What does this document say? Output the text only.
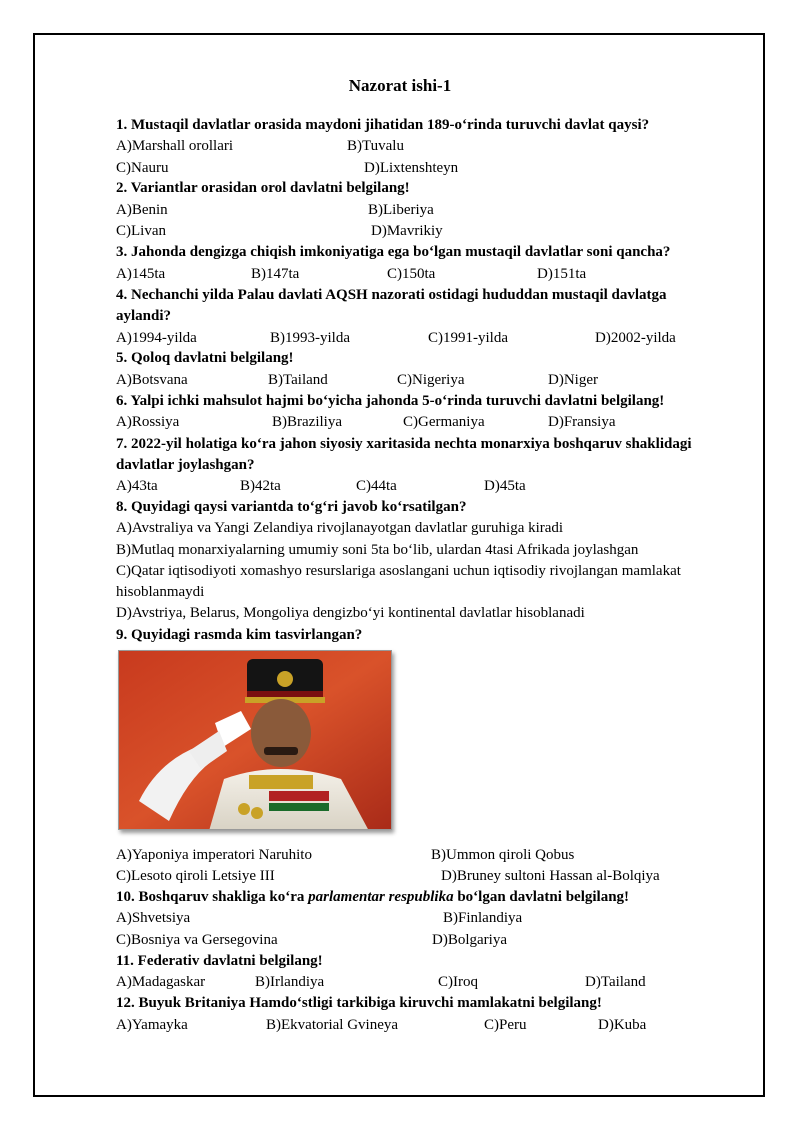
Nazorat ishi-1
1. Mustaqil davlatlar orasida maydoni jihatidan 189-o‘rinda turuvchi davlat qaysi?
A)Marshall orollari	B)Tuvalu
C)Nauru	D)Lixtenshteyn
2. Variantlar orasidan orol davlatni belgilang!
A)Benin	B)Liberiya
C)Livan	D)Mavrikiy
3. Jahonda dengizga chiqish imkoniyatiga ega bo‘lgan mustaqil davlatlar soni qancha?
A)145ta	B)147ta	C)150ta	D)151ta
4. Nechanchi yilda Palau davlati AQSH nazorati ostidagi hududdan mustaqil davlatga
aylandi?
A)1994-yilda	B)1993-yilda	C)1991-yilda	D)2002-yilda
5. Qoloq davlatni belgilang!
A)Botsvana	B)Tailand	C)Nigeriya	D)Niger
6. Yalpi ichki mahsulot hajmi bo‘yicha jahonda 5-o‘rinda turuvchi davlatni belgilang!
A)Rossiya	B)Braziliya	C)Germaniya	D)Fransiya
7. 2022-yil holatiga ko‘ra jahon siyosiy xaritasida nechta monarxiya boshqaruv shaklidagi
davlatlar joylashgan?
A)43ta	B)42ta	C)44ta	D)45ta
8. Quyidagi qaysi variantda to‘g‘ri javob ko‘rsatilgan?
A)Avstraliya va Yangi Zelandiya rivojlanayotgan davlatlar guruhiga kiradi
B)Mutlaq monarxiyalarning umumiy soni 5ta bo‘lib, ulardan 4tasi Afrikada joylashgan
C)Qatar iqtisodiyoti xomashyo resurslariga asoslangani uchun iqtisodiy rivojlangan mamlakat
hisoblanmaydi
D)Avstriya, Belarus, Mongoliya dengizbo‘yi kontinental davlatlar hisoblanadi
9. Quyidagi rasmda kim tasvirlangan?
A)Yaponiya imperatori Naruhito	B)Ummon qiroli Qobus
C)Lesoto qiroli Letsiye III	D)Bruney sultoni Hassan al-Bolqiya
10. Boshqaruv shakliga ko‘ra parlamentar respublika bo‘lgan davlatni belgilang!
A)Shvetsiya	B)Finlandiya
C)Bosniya va Gersegovina	D)Bolgariya
11. Federativ davlatni belgilang!
A)Madagaskar	B)Irlandiya	C)Iroq	D)Tailand
12. Buyuk Britaniya Hamdo‘stligi tarkibiga kiruvchi mamlakatni belgilang!
A)Yamayka	B)Ekvatorial Gvineya	C)Peru	D)Kuba
